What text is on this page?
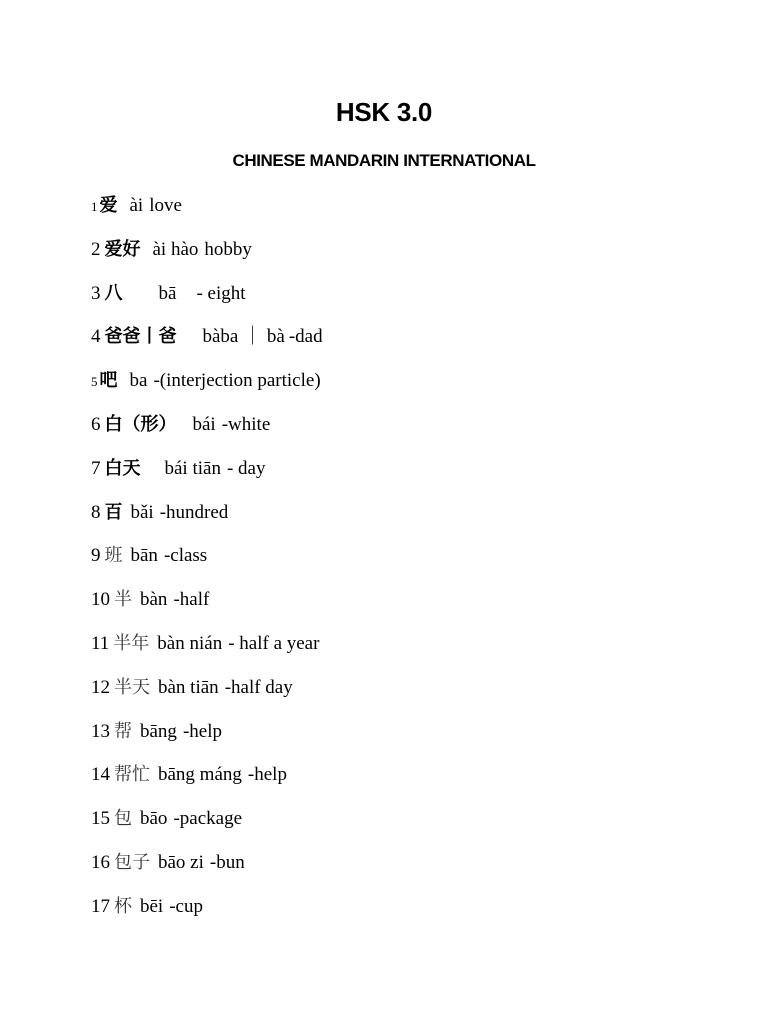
HSK 3.0
CHINESE MANDARIN INTERNATIONAL
1 爱 ài love
2 爱好 ài hào hobby
3 八 bā - eight
4 爸爸丨爸 bàba ｜ bà -dad
5 吧 ba -(interjection particle)
6 白（形） bái -white
7 白天 bái tiān - day
8 百 bǎi -hundred
9 班 bān -class
10 半 bàn -half
11 半年 bàn nián - half a year
12 半天 bàn tiān -half day
13 帮 bāng -help
14 帮忙 bāng máng -help
15 包 bāo -package
16 包子 bāo zi -bun
17 杯 bēi -cup
